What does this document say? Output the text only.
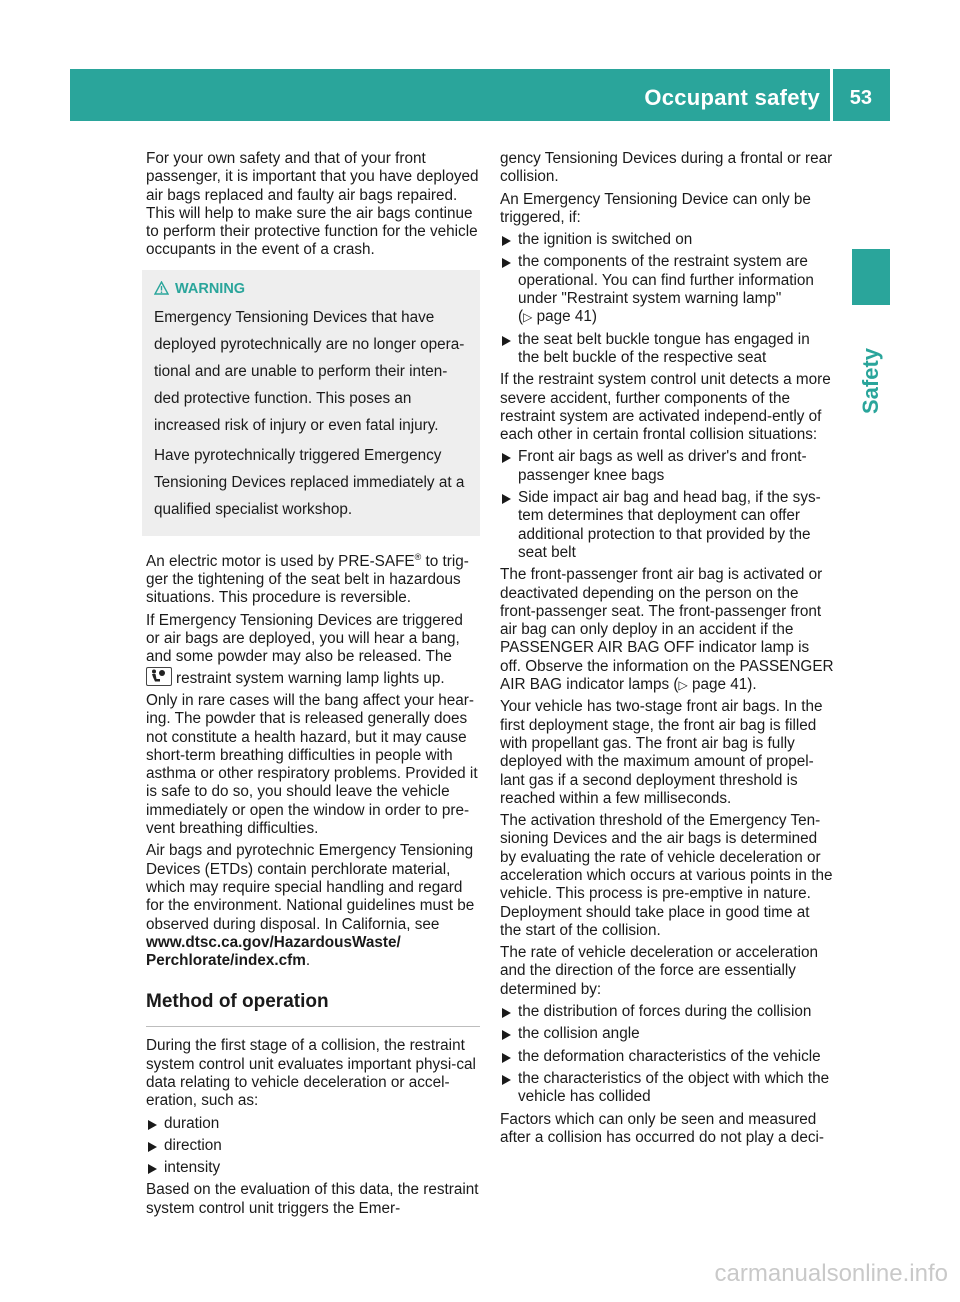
Occupant safety 53
Safety

For your own safety and that of your front passenger, it is important that you have deployed air bags replaced and faulty air bags repaired. This will help to make sure the air bags continue to perform their protective function for the vehicle occupants in the event of a crash.

WARNING

Emergency Tensioning Devices that have deployed pyrotechnically are no longer opera-tional and are unable to perform their inten-ded protective function. This poses an increased risk of injury or even fatal injury.

Have pyrotechnically triggered Emergency Tensioning Devices replaced immediately at a qualified specialist workshop.

An electric motor is used by PRE-SAFE® to trig-ger the tightening of the seat belt in hazardous situations. This procedure is reversible.

If Emergency Tensioning Devices are triggered or air bags are deployed, you will hear a bang, and some powder may also be released. The
restraint system warning lamp lights up.

Only in rare cases will the bang affect your hear-ing. The powder that is released generally does not constitute a health hazard, but it may cause short-term breathing difficulties in people with asthma or other respiratory problems. Provided it is safe to do so, you should leave the vehicle immediately or open the window in order to pre-vent breathing difficulties.

Air bags and pyrotechnic Emergency Tensioning Devices (ETDs) contain perchlorate material, which may require special handling and regard for the environment. National guidelines must be observed during disposal. In California, see www.dtsc.ca.gov/HazardousWaste/ Perchlorate/index.cfm.

Method of operation

During the first stage of a collision, the restraint system control unit evaluates important physi-cal data relating to vehicle deceleration or accel-eration, such as:

duration
direction
intensity

Based on the evaluation of this data, the restraint system control unit triggers the Emer-

gency Tensioning Devices during a frontal or rear collision.

An Emergency Tensioning Device can only be triggered, if:

the ignition is switched on
the components of the restraint system are operational. You can find further information under "Restraint system warning lamp"
(▷ page 41)
the seat belt buckle tongue has engaged in the belt buckle of the respective seat

If the restraint system control unit detects a more severe accident, further components of the restraint system are activated independ-ently of each other in certain frontal collision situations:

Front air bags as well as driver's and front-passenger knee bags
Side impact air bag and head bag, if the sys-tem determines that deployment can offer additional protection to that provided by the seat belt

The front-passenger front air bag is activated or deactivated depending on the person on the front-passenger seat. The front-passenger front air bag can only deploy in an accident if the PASSENGER AIR BAG OFF indicator lamp is off. Observe the information on the PASSENGER AIR BAG indicator lamps (▷ page 41).

Your vehicle has two-stage front air bags. In the first deployment stage, the front air bag is filled with propellant gas. The front air bag is fully deployed with the maximum amount of propel-lant gas if a second deployment threshold is reached within a few milliseconds.

The activation threshold of the Emergency Ten-sioning Devices and the air bags is determined by evaluating the rate of vehicle deceleration or acceleration which occurs at various points in the vehicle. This process is pre-emptive in nature. Deployment should take place in good time at the start of the collision.

The rate of vehicle deceleration or acceleration and the direction of the force are essentially determined by:

the distribution of forces during the collision
the collision angle
the deformation characteristics of the vehicle
the characteristics of the object with which the vehicle has collided

Factors which can only be seen and measured after a collision has occurred do not play a deci-

carmanualsonline.info
